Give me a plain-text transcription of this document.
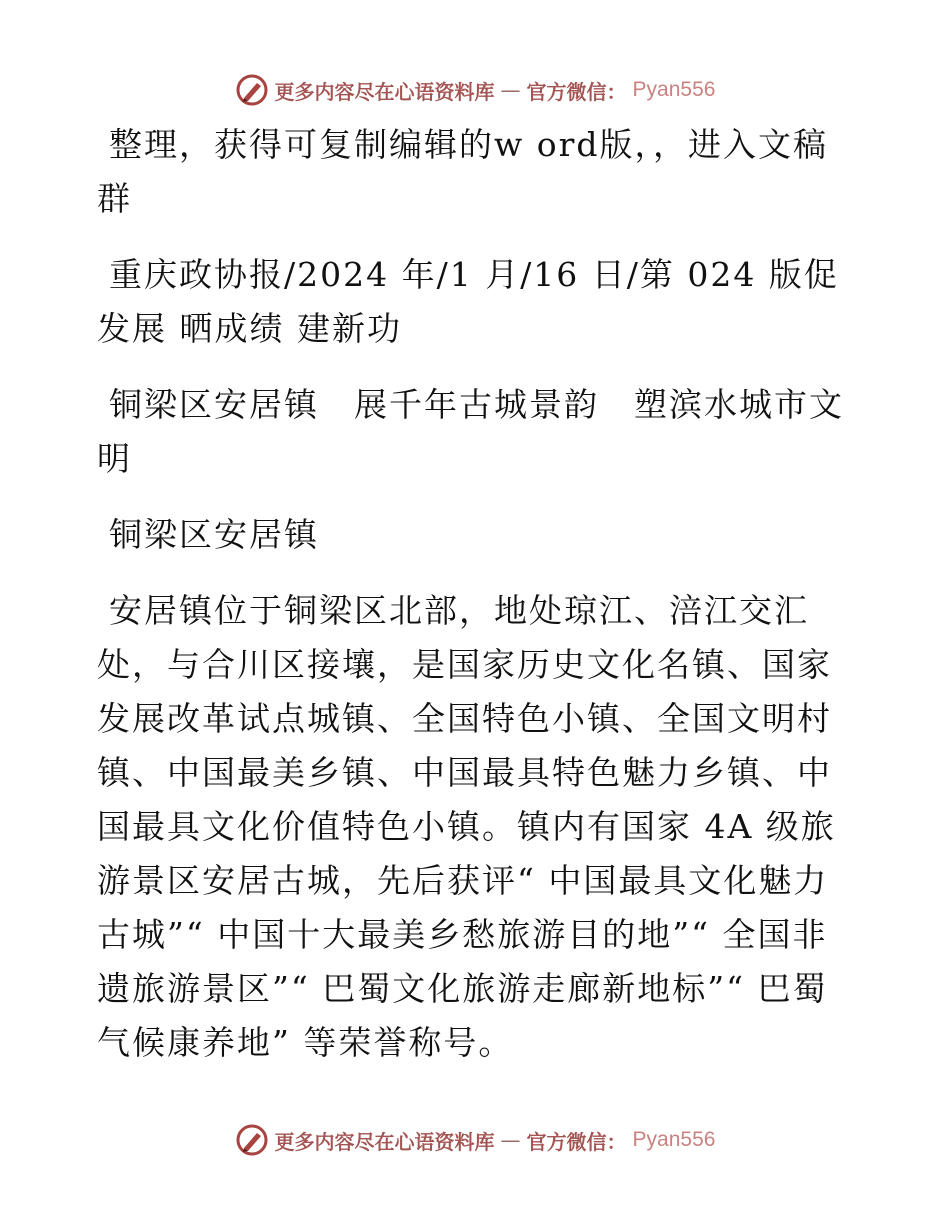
更多内容尽在心语资料库 — 官方微信： Pyan556

整理，获得可复制编辑的w ord版，，进入文稿群

重庆政协报/2024 年/1 月/16 日/第 024 版促发展 晒成绩 建新功

铜梁区安居镇　展千年古城景韵　塑滨水城市文明

铜梁区安居镇

安居镇位于铜梁区北部，地处琼江、涪江交汇处，与合川区接壤，是国家历史文化名镇、国家发展改革试点城镇、全国特色小镇、全国文明村镇、中国最美乡镇、中国最具特色魅力乡镇、中国最具文化价值特色小镇。镇内有国家 4A 级旅游景区安居古城，先后获评“ 中国最具文化魅力古城”“ 中国十大最美乡愁旅游目的地”“ 全国非遗旅游景区”“ 巴蜀文化旅游走廊新地标”“ 巴蜀气候康养地” 等荣誉称号。

更多内容尽在心语资料库 — 官方微信： Pyan556
